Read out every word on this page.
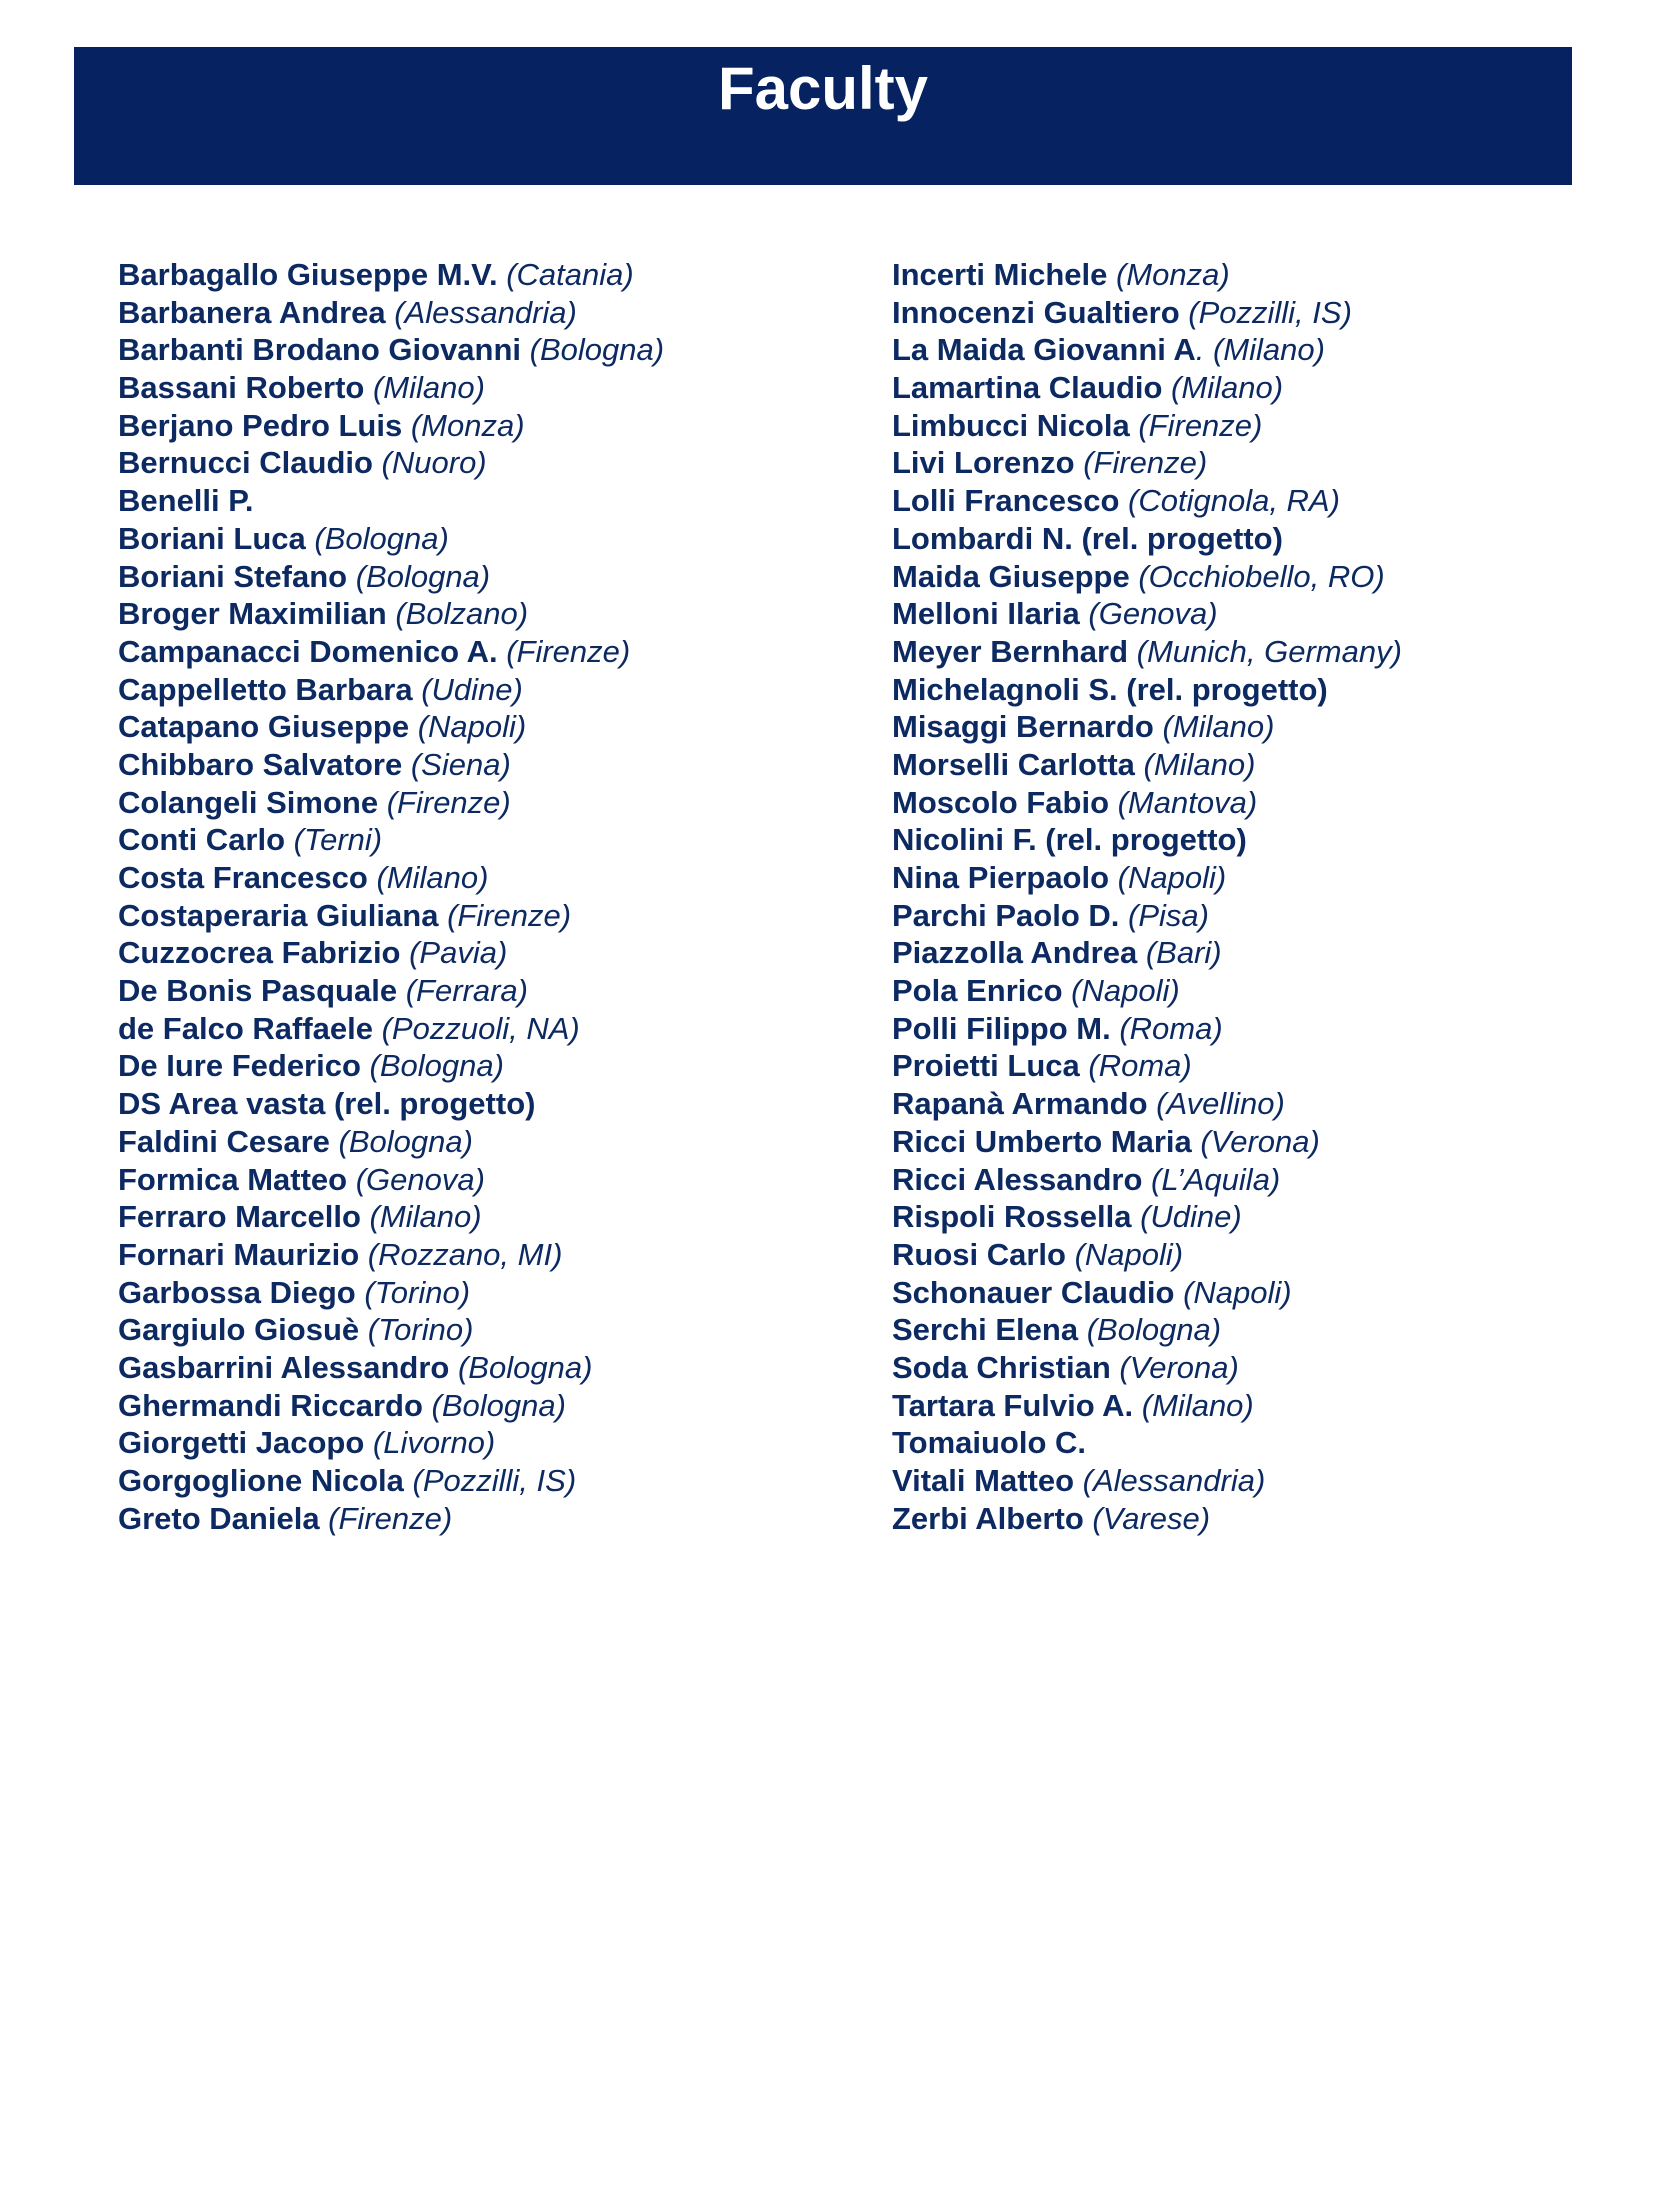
Faculty
Barbagallo Giuseppe M.V. (Catania)
Barbanera Andrea (Alessandria)
Barbanti Brodano Giovanni (Bologna)
Bassani Roberto (Milano)
Berjano Pedro Luis (Monza)
Bernucci Claudio (Nuoro)
Benelli P.
Boriani Luca (Bologna)
Boriani Stefano (Bologna)
Broger Maximilian (Bolzano)
Campanacci Domenico A. (Firenze)
Cappelletto Barbara (Udine)
Catapano Giuseppe (Napoli)
Chibbaro Salvatore (Siena)
Colangeli Simone (Firenze)
Conti Carlo (Terni)
Costa Francesco (Milano)
Costaperaria Giuliana (Firenze)
Cuzzocrea Fabrizio (Pavia)
De Bonis Pasquale (Ferrara)
de Falco Raffaele (Pozzuoli, NA)
De Iure Federico (Bologna)
DS Area vasta (rel. progetto)
Faldini Cesare (Bologna)
Formica Matteo (Genova)
Ferraro Marcello (Milano)
Fornari Maurizio (Rozzano, MI)
Garbossa Diego (Torino)
Gargiulo Giosuè (Torino)
Gasbarrini Alessandro (Bologna)
Ghermandi Riccardo (Bologna)
Giorgetti Jacopo (Livorno)
Gorgoglione Nicola (Pozzilli, IS)
Greto Daniela (Firenze)
Incerti Michele (Monza)
Innocenzi Gualtiero (Pozzilli, IS)
La Maida Giovanni A. (Milano)
Lamartina Claudio (Milano)
Limbucci Nicola (Firenze)
Livi Lorenzo (Firenze)
Lolli Francesco (Cotignola, RA)
Lombardi N. (rel. progetto)
Maida Giuseppe (Occhiobello, RO)
Melloni Ilaria (Genova)
Meyer Bernhard (Munich, Germany)
Michelagnoli S. (rel. progetto)
Misaggi Bernardo (Milano)
Morselli Carlotta (Milano)
Moscolo Fabio (Mantova)
Nicolini F. (rel. progetto)
Nina Pierpaolo (Napoli)
Parchi Paolo D. (Pisa)
Piazzolla Andrea (Bari)
Pola Enrico (Napoli)
Polli Filippo M. (Roma)
Proietti Luca (Roma)
Rapanà Armando (Avellino)
Ricci Umberto Maria (Verona)
Ricci Alessandro (L’Aquila)
Rispoli Rossella (Udine)
Ruosi Carlo (Napoli)
Schonauer Claudio (Napoli)
Serchi Elena (Bologna)
Soda Christian (Verona)
Tartara Fulvio A. (Milano)
Tomaiuolo C.
Vitali Matteo (Alessandria)
Zerbi Alberto (Varese)
